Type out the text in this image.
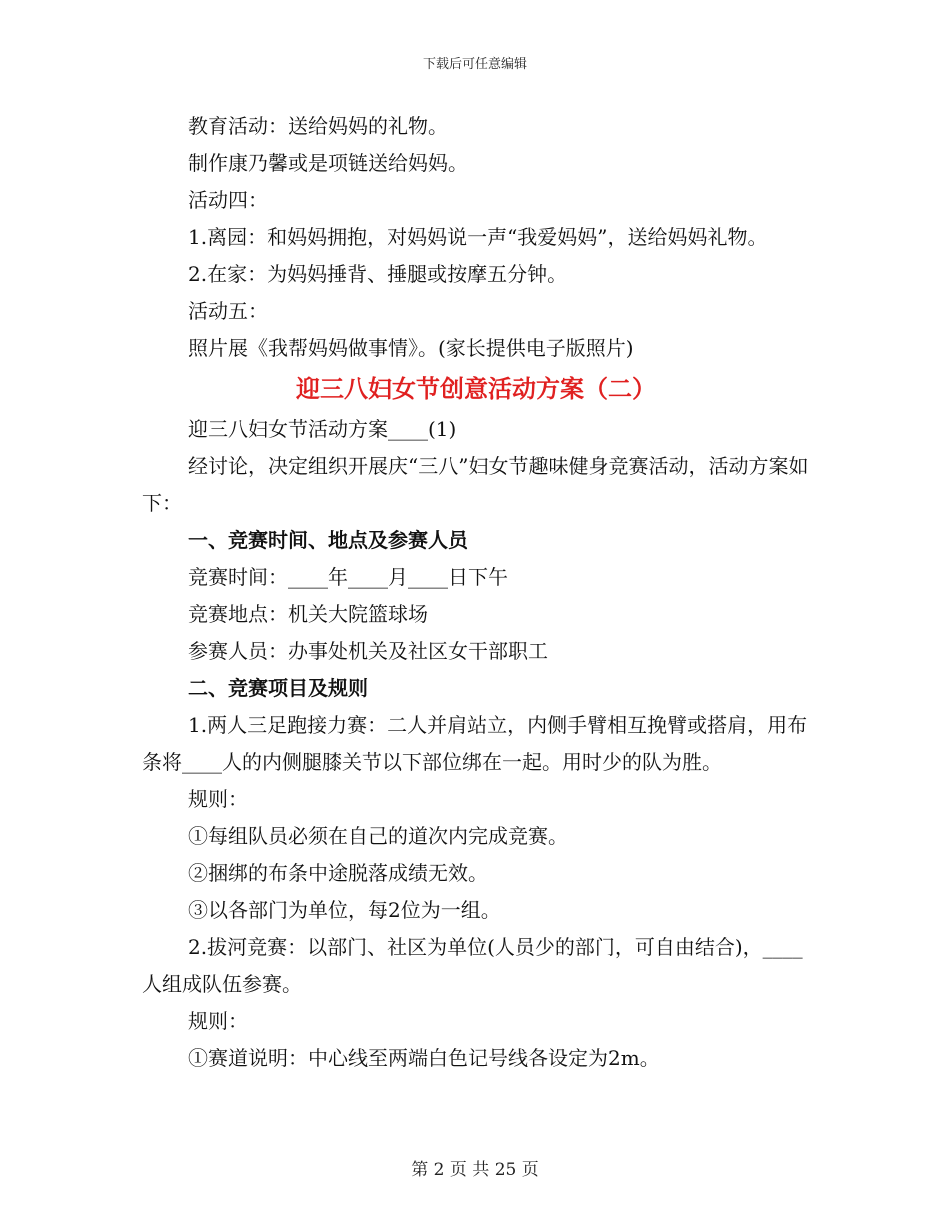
下载后可任意编辑

教育活动：送给妈妈的礼物。

制作康乃馨或是项链送给妈妈。

活动四：

1.离园：和妈妈拥抱，对妈妈说一声“我爱妈妈”，送给妈妈礼物。

2.在家：为妈妈捶背、捶腿或按摩五分钟。

活动五：

照片展《我帮妈妈做事情》。(家长提供电子版照片)

迎三八妇女节创意活动方案（二）

迎三八妇女节活动方案____(1)

经讨论，决定组织开展庆“三八”妇女节趣味健身竞赛活动，活动方案如下：

一、竞赛时间、地点及参赛人员

竞赛时间：____年____月____日下午

竞赛地点：机关大院篮球场

参赛人员：办事处机关及社区女干部职工

二、竞赛项目及规则

1.两人三足跑接力赛：二人并肩站立，内侧手臂相互挽臂或搭肩，用布条将____人的内侧腿膝关节以下部位绑在一起。用时少的队为胜。

规则：

①每组队员必须在自己的道次内完成竞赛。

②捆绑的布条中途脱落成绩无效。

③以各部门为单位，每2位为一组。

2.拔河竞赛：以部门、社区为单位(人员少的部门，可自由结合)，____人组成队伍参赛。

规则：

①赛道说明：中心线至两端白色记号线各设定为2m。

第 2 页 共 25 页
